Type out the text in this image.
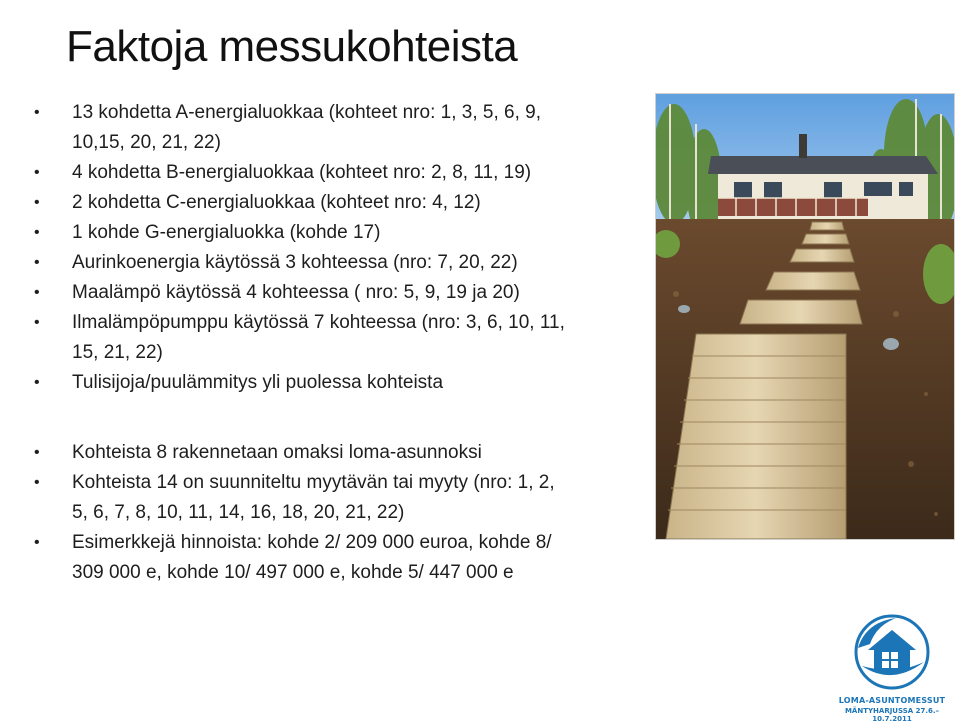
Faktoja messukohteista
• 13 kohdetta A-energialuokkaa (kohteet nro: 1, 3, 5, 6, 9,
10,15, 20, 21, 22)
• 4 kohdetta B-energialuokkaa (kohteet nro: 2, 8, 11, 19)
• 2 kohdetta C-energialuokkaa (kohteet nro: 4, 12)
• 1 kohde G-energialuokka (kohde 17)
• Aurinkoenergia käytössä 3 kohteessa (nro: 7, 20, 22)
• Maalämpö käytössä 4 kohteessa ( nro: 5, 9, 19 ja 20)
• Ilmalämpöpumppu käytössä 7 kohteessa (nro: 3, 6, 10, 11,
15, 21, 22)
• Tulisijoja/puulämmitys yli puolessa kohteista
• Kohteista 8 rakennetaan omaksi loma-asunnoksi
• Kohteista 14 on suunniteltu myytävän tai myyty (nro: 1, 2,
5, 6, 7, 8, 10, 11, 14, 16, 18, 20, 21, 22)
• Esimerkkejä hinnoista: kohde 2/ 209 000 euroa, kohde 8/
309 000 e, kohde 10/ 497 000 e, kohde 5/ 447 000 e
LOMA-ASUNTOMESSUT
MÄNTYHARJUSSA 27.6.–10.7.2011
